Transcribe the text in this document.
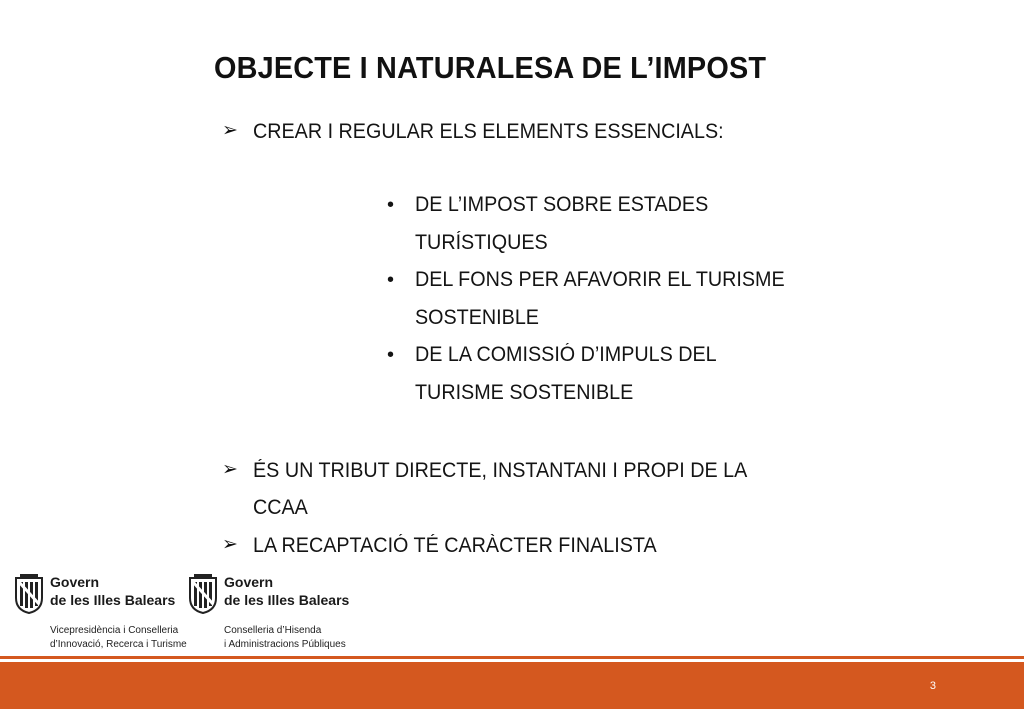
OBJECTE I NATURALESA DE L’IMPOST
➢ CREAR I REGULAR ELS ELEMENTS ESSENCIALS:
• DE L’IMPOST SOBRE ESTADES
TURÍSTIQUES
• DEL FONS PER AFAVORIR EL TURISME
SOSTENIBLE
• DE LA COMISSIÓ D’IMPULS DEL
TURISME SOSTENIBLE
➢ ÉS UN TRIBUT DIRECTE, INSTANTANI I PROPI DE LA
CCAA
➢ LA RECAPTACIÓ TÉ CARÀCTER FINALISTA
Govern
de les Illes Balears
Vicepresidència i Conselleria
d’Innovació, Recerca i Turisme
Govern
de les Illes Balears
Conselleria d’Hisenda
i Administracions Públiques
3
